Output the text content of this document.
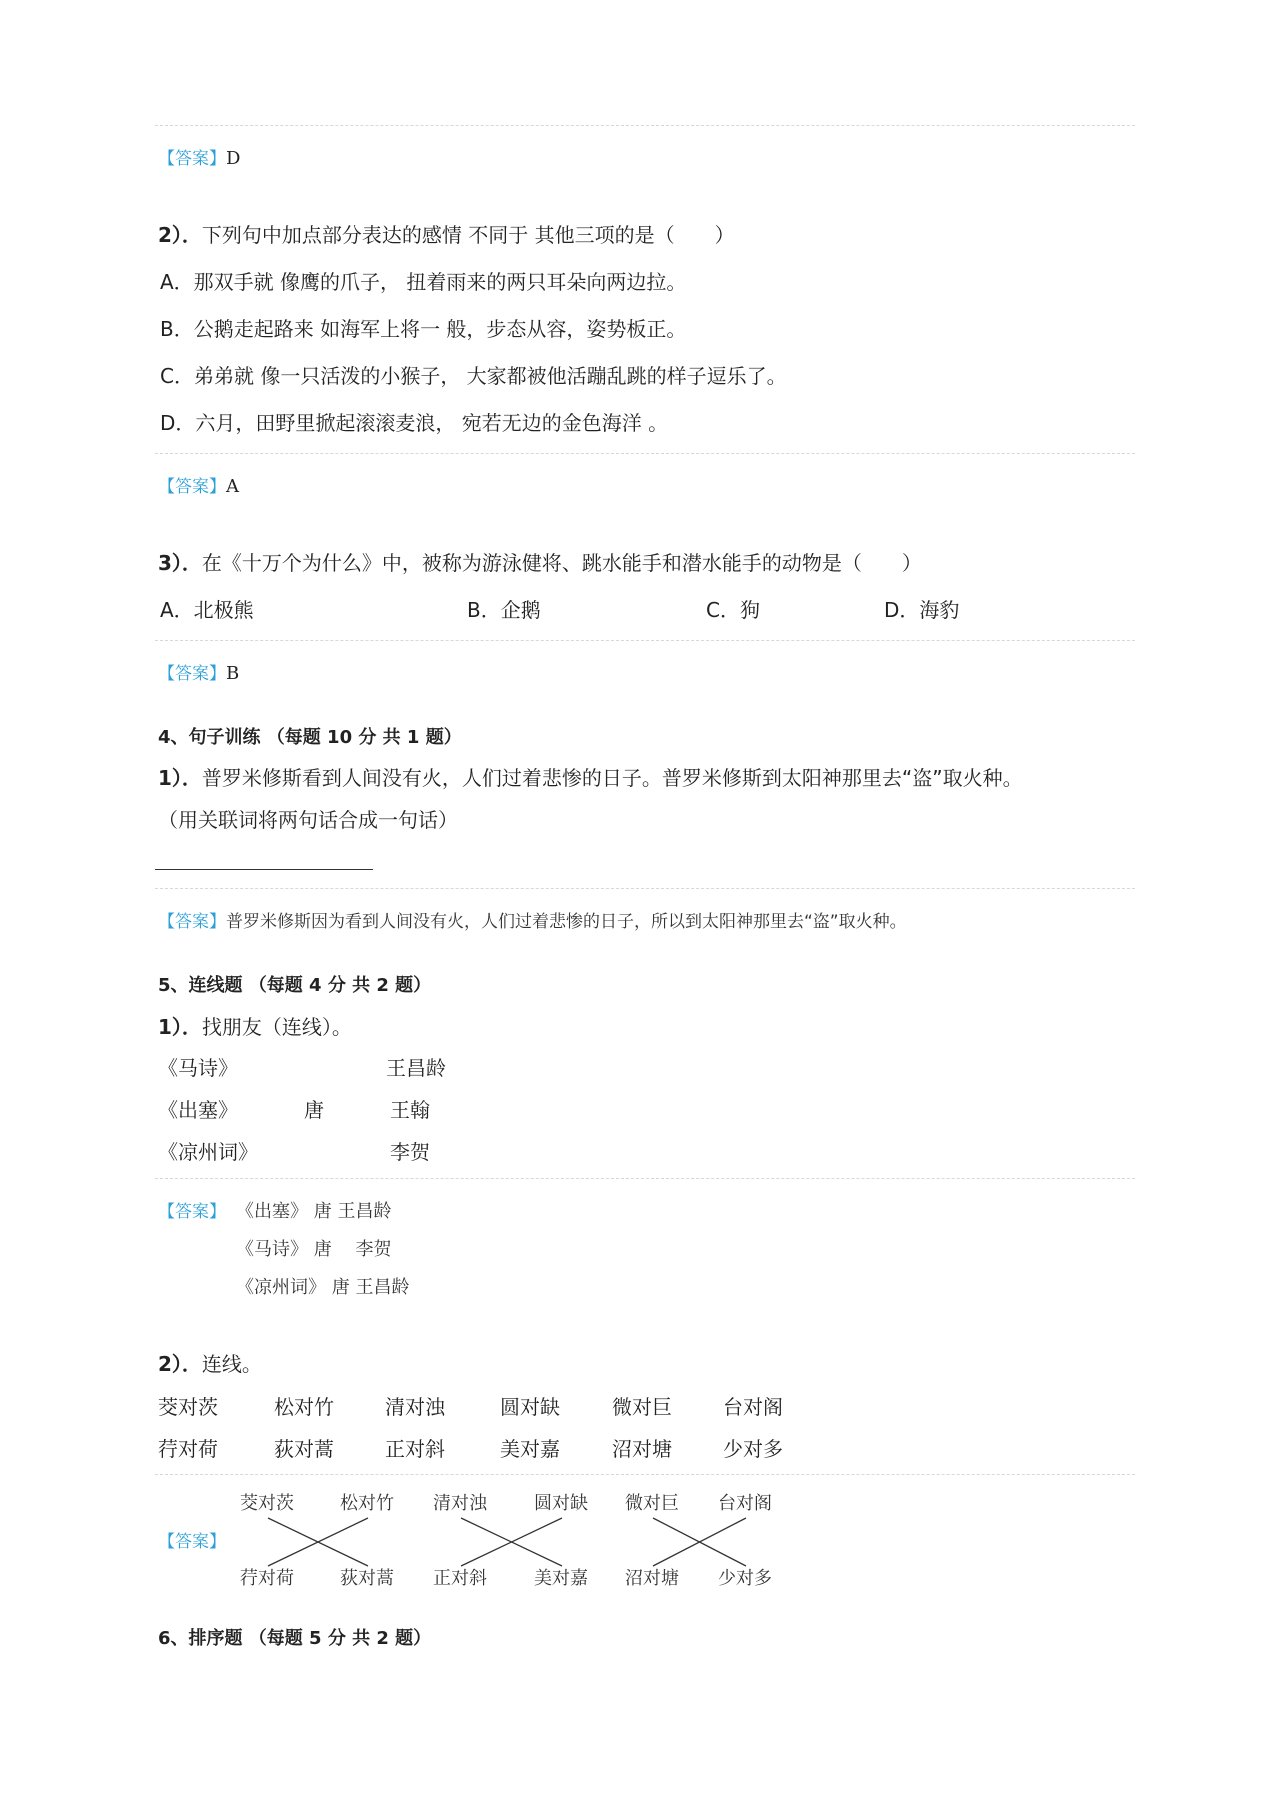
【答案】D
2）．下列句中加点部分表达的感情 不同于 其他三项的是（　　）
A．那双手就 像鹰的爪子， 扭着雨来的两只耳朵向两边拉。
B．公鹅走起路来 如海军上将一 般，步态从容，姿势板正。
C．弟弟就 像一只活泼的小猴子， 大家都被他活蹦乱跳的样子逗乐了。
D．六月，田野里掀起滚滚麦浪， 宛若无边的金色海洋 。
【答案】A
3）．在《十万个为什么》中，被称为游泳健将、跳水能手和潜水能手的动物是（　　）
A．北极熊	B．企鹅	C．狗	D．海豹
【答案】B
4、句子训练 （每题 10 分 共 1 题）
1）．普罗米修斯看到人间没有火，人们过着悲惨的日子。普罗米修斯到太阳神那里去“盗”取火种。
（用关联词将两句话合成一句话）
【答案】普罗米修斯因为看到人间没有火，人们过着悲惨的日子，所以到太阳神那里去“盗”取火种。
5、连线题 （每题 4 分 共 2 题）
1）．找朋友（连线）。
《马诗》
《出塞》
《凉州词》
唐
王昌龄
王翰
李贺
【答案】 《出塞》 唐 王昌龄
《马诗》 唐　 李贺
《凉州词》 唐 王昌龄
2）．连线。
茭对茨	松对竹	清对浊	圆对缺	微对巨	台对阁
荇对荷	荻对蒿	正对斜	美对嘉	沼对塘	少对多
【答案】
茭对茨	松对竹 清对浊	圆对缺 微对巨 台对阁
荇对荷	荻对蒿 正对斜	美对嘉 沼对塘 少对多
6、排序题 （每题 5 分 共 2 题）
